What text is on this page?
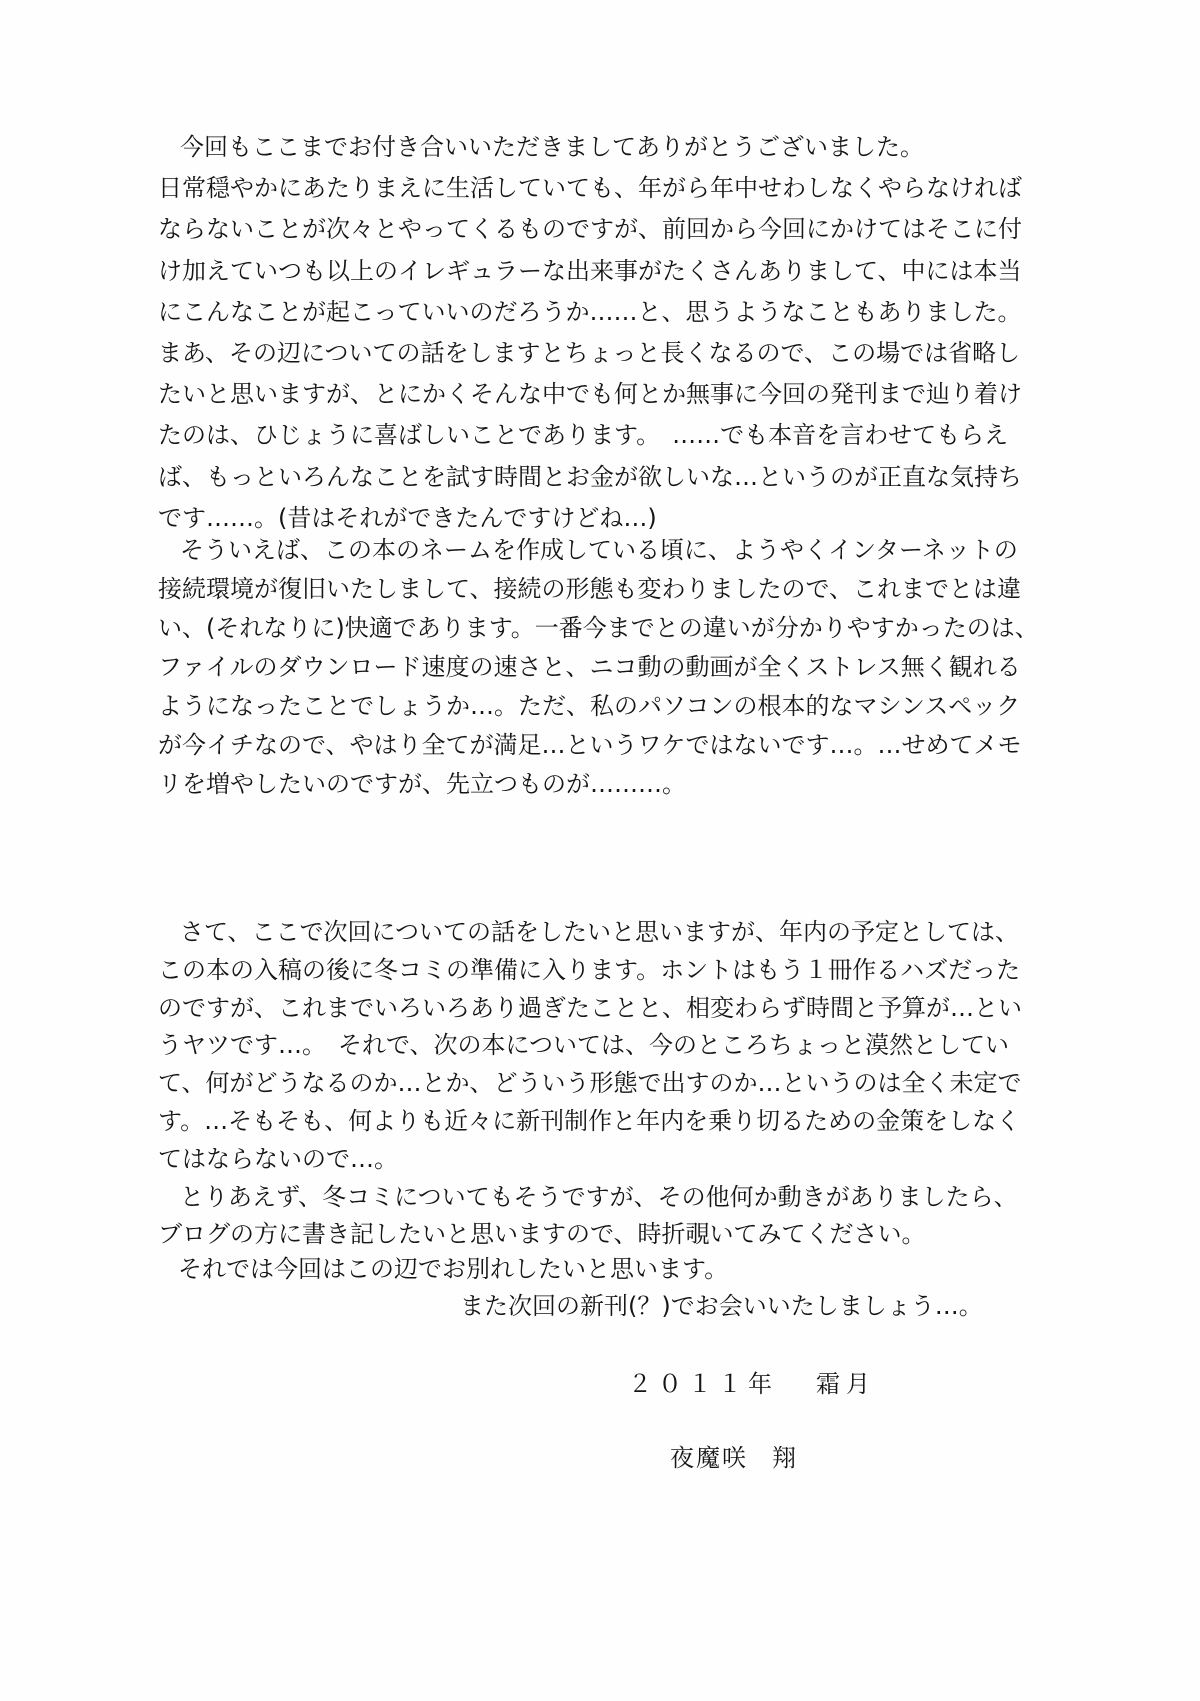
今回もここまでお付き合いいただきましてありがとうございました。
日常穏やかにあたりまえに生活していても、年がら年中せわしなくやらなければ
ならないことが次々とやってくるものですが、前回から今回にかけてはそこに付
け加えていつも以上のイレギュラーな出来事がたくさんありまして、中には本当
にこんなことが起こっていいのだろうか……と、思うようなこともありました。
まあ、その辺についての話をしますとちょっと長くなるので、この場では省略し
たいと思いますが、とにかくそんな中でも何とか無事に今回の発刊まで辿り着け
たのは、ひじょうに喜ばしいことであります。　……でも本音を言わせてもらえ
ば、もっといろんなことを試す時間とお金が欲しいな…というのが正直な気持ち
です……。(昔はそれができたんですけどね…)
そういえば、この本のネームを作成している頃に、ようやくインターネットの
接続環境が復旧いたしまして、接続の形態も変わりましたので、これまでとは違
い、(それなりに)快適であります。一番今までとの違いが分かりやすかったのは、
ファイルのダウンロード速度の速さと、ニコ動の動画が全くストレス無く観れる
ようになったことでしょうか…。ただ、私のパソコンの根本的なマシンスペック
が今イチなので、やはり全てが満足…というワケではないです…。…せめてメモ
リを増やしたいのですが、先立つものが………。
さて、ここで次回についての話をしたいと思いますが、年内の予定としては、
この本の入稿の後に冬コミの準備に入ります。ホントはもう１冊作るハズだった
のですが、これまでいろいろあり過ぎたことと、相変わらず時間と予算が…とい
うヤツです…。　それで、次の本については、今のところちょっと漠然としてい
て、何がどうなるのか…とか、どういう形態で出すのか…というのは全く未定で
す。…そもそも、何よりも近々に新刊制作と年内を乗り切るための金策をしなく
てはならないので…。
とりあえず、冬コミについてもそうですが、その他何か動きがありましたら、
ブログの方に書き記したいと思いますので、時折覗いてみてください。
それでは今回はこの辺でお別れしたいと思います。
また次回の新刊(？)でお会いいたしましょう…。
２０１１年 霜月
夜魔咲 翔
